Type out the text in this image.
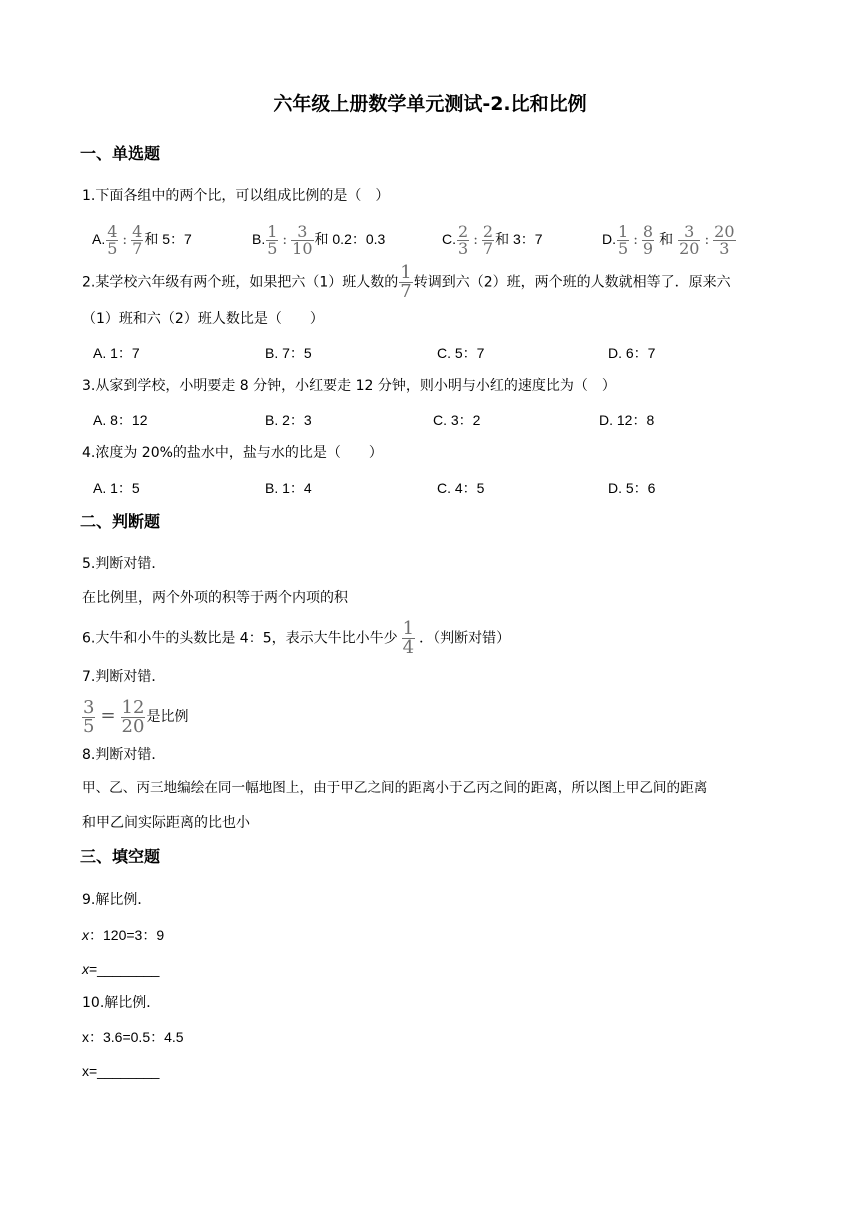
六年级上册数学单元测试-2.比和比例
一、单选题
1.下面各组中的两个比，可以组成比例的是（　）
A. $\frac{4}{5}$ : $\frac{4}{7}$ 和 5：7	B. $\frac{1}{5}$ : $\frac{3}{10}$ 和 0.2：0.3	C. $\frac{2}{3}$ : $\frac{2}{7}$ 和 3：7	D. $\frac{1}{5}$ : $\frac{8}{9}$ 和 $\frac{3}{20}$ : $\frac{20}{3}$
2.某学校六年级有两个班，如果把六（1）班人数的 $\frac{1}{7}$ 转调到六（2）班，两个班的人数就相等了．原来六
（1）班和六（2）班人数比是（　　）
A. 1：7	B. 7：5	C. 5：7	D. 6：7
3.从家到学校，小明要走 8 分钟，小红要走 12 分钟，则小明与小红的速度比为（　）
A. 8：12	B. 2：3	C. 3：2	D. 12：8
4.浓度为 20%的盐水中，盐与水的比是（　　）
A. 1：5	B. 1：4	C. 4：5	D. 5：6
二、判断题
5.判断对错．
在比例里，两个外项的积等于两个内项的积
6.大牛和小牛的头数比是 4：5，表示大牛比小牛少 $\frac{1}{4}$ ．（判断对错）
7.判断对错．
$\frac{3}{5} = \frac{12}{20}$ 是比例
8.判断对错．
甲、乙、丙三地编绘在同一幅地图上，由于甲乙之间的距离小于乙丙之间的距离，所以图上甲乙间的距离
和甲乙间实际距离的比也小
三、填空题
9.解比例．
x：120=3：9
x=________
10.解比例．
x：3.6=0.5：4.5
x=________
